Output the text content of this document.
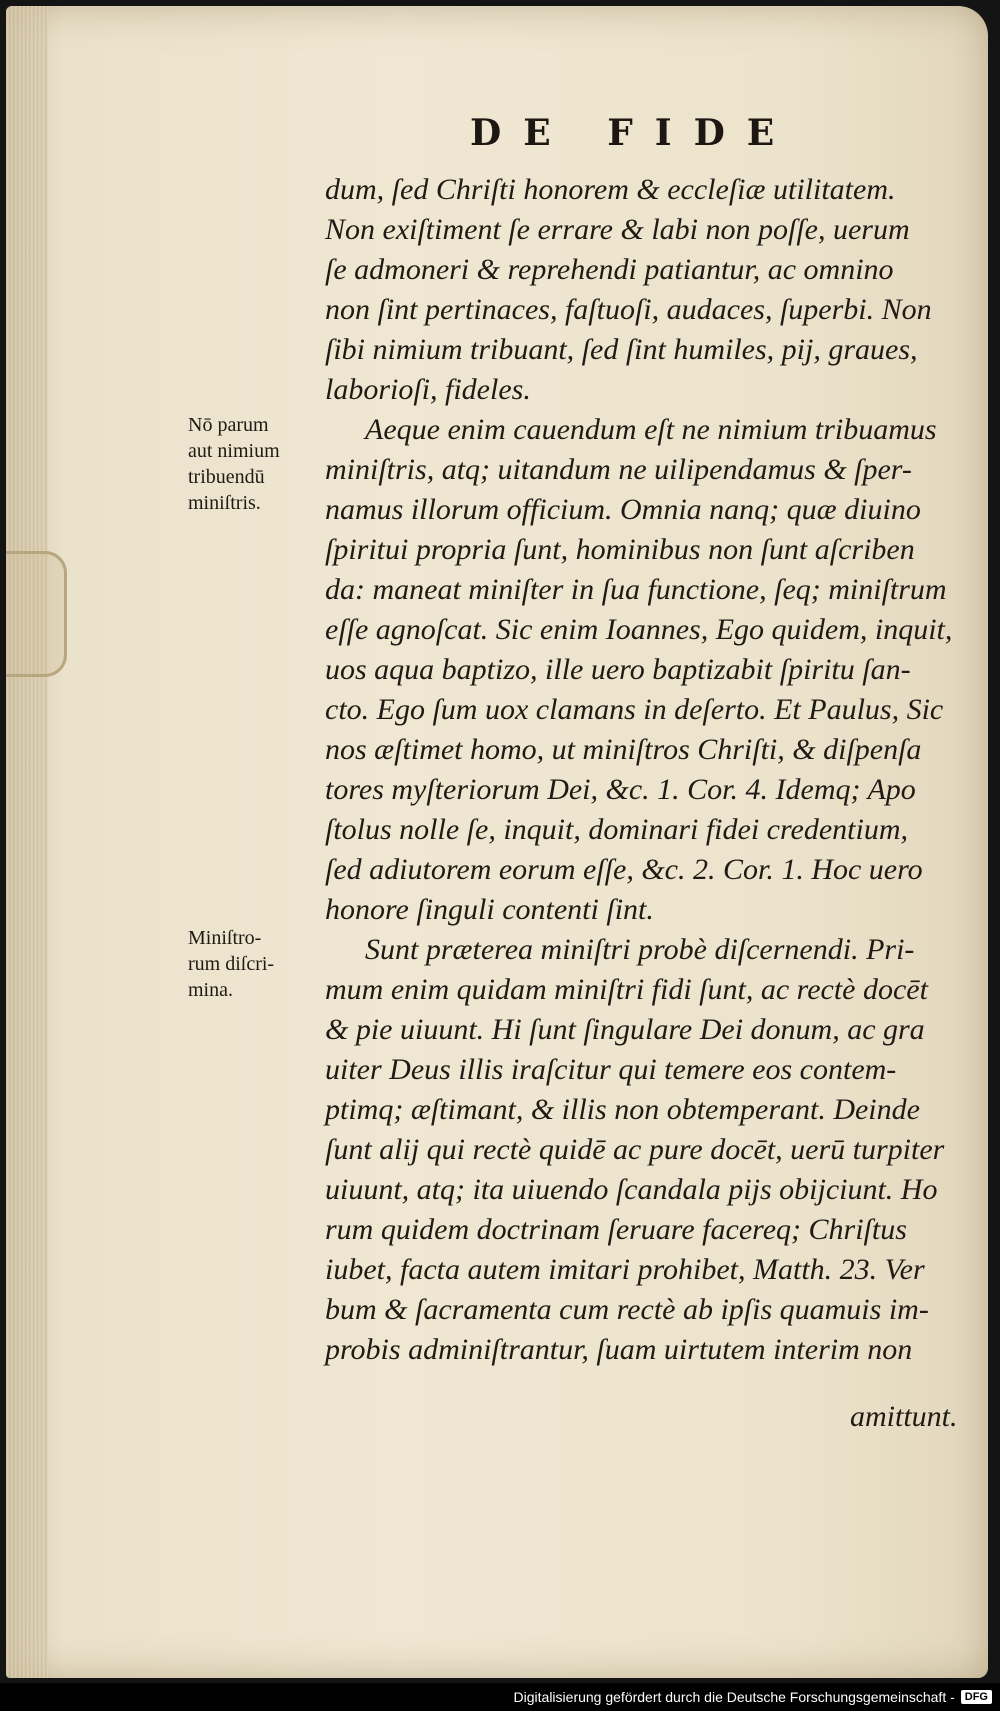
DE FIDE
dum, ſed Chriſti honorem & eccleſiæ utilitatem.
Non exiſtiment ſe errare & labi non poſſe, uerum
ſe admoneri & reprehendi patiantur, ac omnino
non ſint pertinaces, faſtuoſi, audaces, ſuperbi. Non
ſibi nimium tribuant, ſed ſint humiles, pij, graues,
laborioſi, fideles.
Aeque enim cauendum eſt ne nimium tribuamus
miniſtris, atq; uitandum ne uilipendamus & ſper-
namus illorum officium. Omnia nanq; quæ diuino
ſpiritui propria ſunt, hominibus non ſunt aſcriben
da: maneat miniſter in ſua functione, ſeq; miniſtrum
eſſe agnoſcat. Sic enim Ioannes, Ego quidem, inquit,
uos aqua baptizo, ille uero baptizabit ſpiritu ſan-
cto. Ego ſum uox clamans in deſerto. Et Paulus, Sic
nos æſtimet homo, ut miniſtros Chriſti, & diſpenſa
tores myſteriorum Dei, &c. 1. Cor. 4. Idemq; Apo
ſtolus nolle ſe, inquit, dominari fidei credentium,
ſed adiutorem eorum eſſe, &c. 2. Cor. 1. Hoc uero
honore ſinguli contenti ſint.
Sunt præterea miniſtri probè diſcernendi. Pri-
mum enim quidam miniſtri fidi ſunt, ac rectè docēt
& pie uiuunt. Hi ſunt ſingulare Dei donum, ac gra
uiter Deus illis iraſcitur qui temere eos contem-
ptimq; æſtimant, & illis non obtemperant. Deinde
ſunt alij qui rectè quidē ac pure docēt, uerū turpiter
uiuunt, atq; ita uiuendo ſcandala pijs obijciunt. Ho
rum quidem doctrinam ſeruare facereq; Chriſtus
iubet, facta autem imitari prohibet, Matth. 23. Ver
bum & ſacramenta cum rectè ab ipſis quamuis im-
probis adminiſtrantur, ſuam uirtutem interim non
amittunt.
Nō parum
aut nimium
tribuendū
miniſtris.
Miniſtro-
rum diſcri-
mina.
Digitalisierung gefördert durch die Deutsche Forschungsgemeinschaft - DFG
